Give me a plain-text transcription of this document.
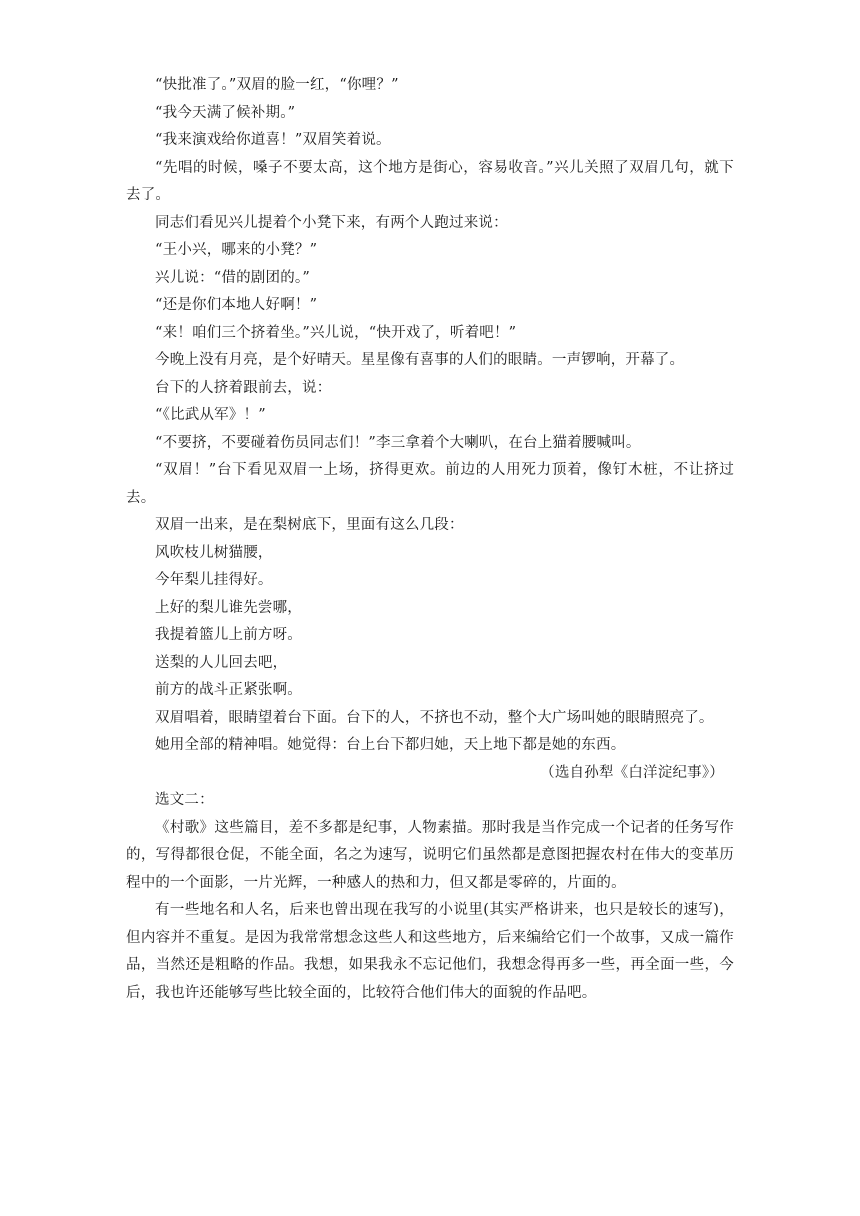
“快批准了。”双眉的脸一红，“你哩？”

“我今天满了候补期。”

“我来演戏给你道喜！”双眉笑着说。

“先唱的时候，嗓子不要太高，这个地方是街心，容易收音。”兴儿关照了双眉几句，就下去了。

同志们看见兴儿提着个小凳下来，有两个人跑过来说：

“王小兴，哪来的小凳？”

兴儿说：“借的剧团的。”

“还是你们本地人好啊！”

“来！咱们三个挤着坐。”兴儿说，“快开戏了，听着吧！”

今晚上没有月亮，是个好晴天。星星像有喜事的人们的眼睛。一声锣响，开幕了。

台下的人挤着跟前去，说：

“《比武从军》！”

“不要挤，不要碰着伤员同志们！”李三拿着个大喇叭，在台上猫着腰喊叫。

“双眉！”台下看见双眉一上场，挤得更欢。前边的人用死力顶着，像钉木桩，不让挤过去。

双眉一出来，是在梨树底下，里面有这么几段：

风吹枝儿树猫腰，

今年梨儿挂得好。

上好的梨儿谁先尝哪，

我提着篮儿上前方呀。

送梨的人儿回去吧，

前方的战斗正紧张啊。

双眉唱着，眼睛望着台下面。台下的人，不挤也不动，整个大广场叫她的眼睛照亮了。

她用全部的精神唱。她觉得：台上台下都归她，天上地下都是她的东西。

（选自孙犁《白洋淀纪事》）

选文二：

《村歌》这些篇目，差不多都是纪事，人物素描。那时我是当作完成一个记者的任务写作的，写得都很仓促，不能全面，名之为速写，说明它们虽然都是意图把握农村在伟大的变革历程中的一个面影，一片光辉，一种感人的热和力，但又都是零碎的，片面的。

有一些地名和人名，后来也曾出现在我写的小说里(其实严格讲来，也只是较长的速写)，但内容并不重复。是因为我常常想念这些人和这些地方，后来编给它们一个故事，又成一篇作品，当然还是粗略的作品。我想，如果我永不忘记他们，我想念得再多一些，再全面一些，今后，我也许还能够写些比较全面的，比较符合他们伟大的面貌的作品吧。
